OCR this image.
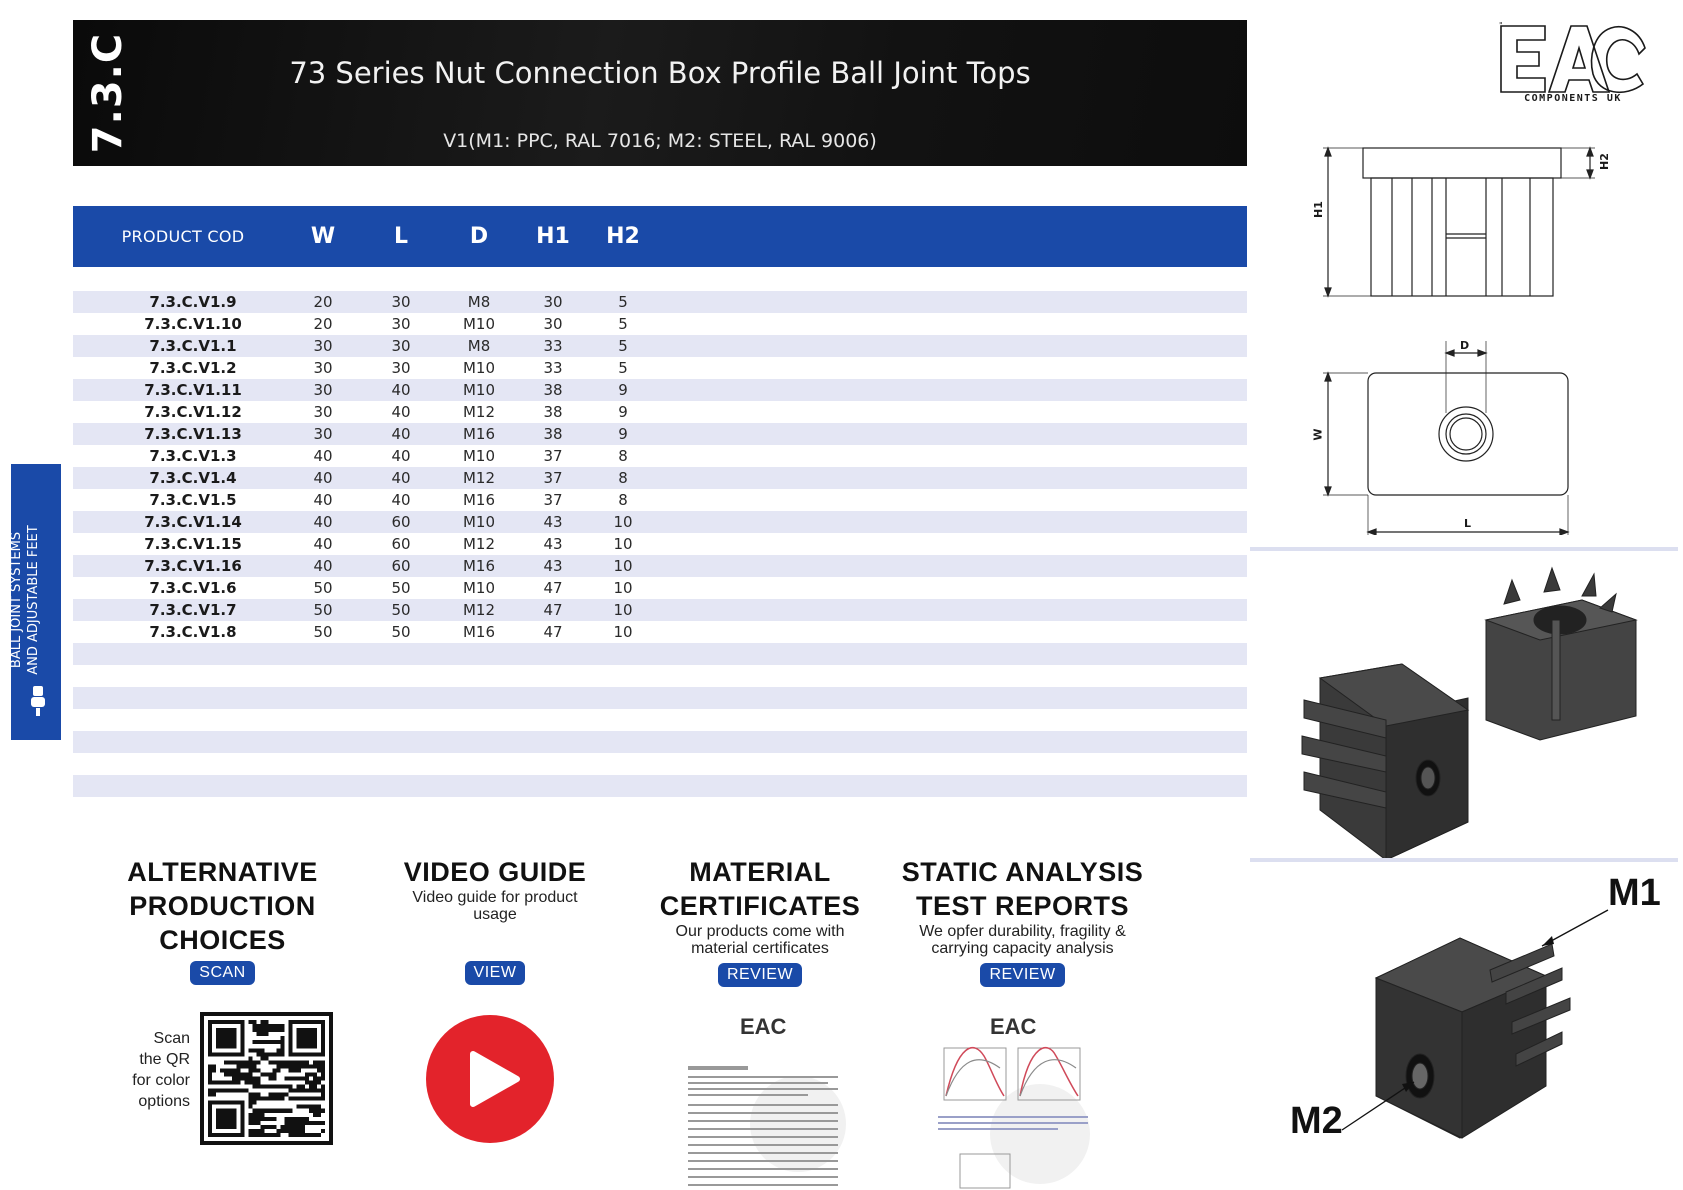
7.3.C	73 Series Nut Connection Box Profile Ball Joint Tops
V1(M1: PPC, RAL 7016; M2: STEEL, RAL 9006)
"
COMPONENTS UK
BALL JOINT SYSTEMS AND ADJUSTABLE FEET
PRODUCT COD	W	L	D	H1	H2
7.3.C.V1.9	20	30	M8	30	5
7.3.C.V1.10	20	30	M10	30	5
7.3.C.V1.1	30	30	M8	33	5
7.3.C.V1.2	30	30	M10	33	5
7.3.C.V1.11	30	40	M10	38	9
7.3.C.V1.12	30	40	M12	38	9
7.3.C.V1.13	30	40	M16	38	9
7.3.C.V1.3	40	40	M10	37	8
7.3.C.V1.4	40	40	M12	37	8
7.3.C.V1.5	40	40	M16	37	8
7.3.C.V1.14	40	60	M10	43	10
7.3.C.V1.15	40	60	M12	43	10
7.3.C.V1.16	40	60	M16	43	10
7.3.C.V1.6	50	50	M10	47	10
7.3.C.V1.7	50	50	M12	47	10
7.3.C.V1.8	50	50	M16	47	10
H1
H2
D
W
L
M1
M2
ALTERNATIVE
PRODUCTION
CHOICES
SCAN
Scan
the QR
for color
options
VIDEO GUIDE
Video guide for product
usage
VIEW
MATERIAL
CERTIFICATES
Our products come with
material certificates
REVIEW
EAC
STATIC ANALYSIS
TEST REPORTS
We opfer durability, fragility &
carrying capacity analysis
REVIEW
EAC
